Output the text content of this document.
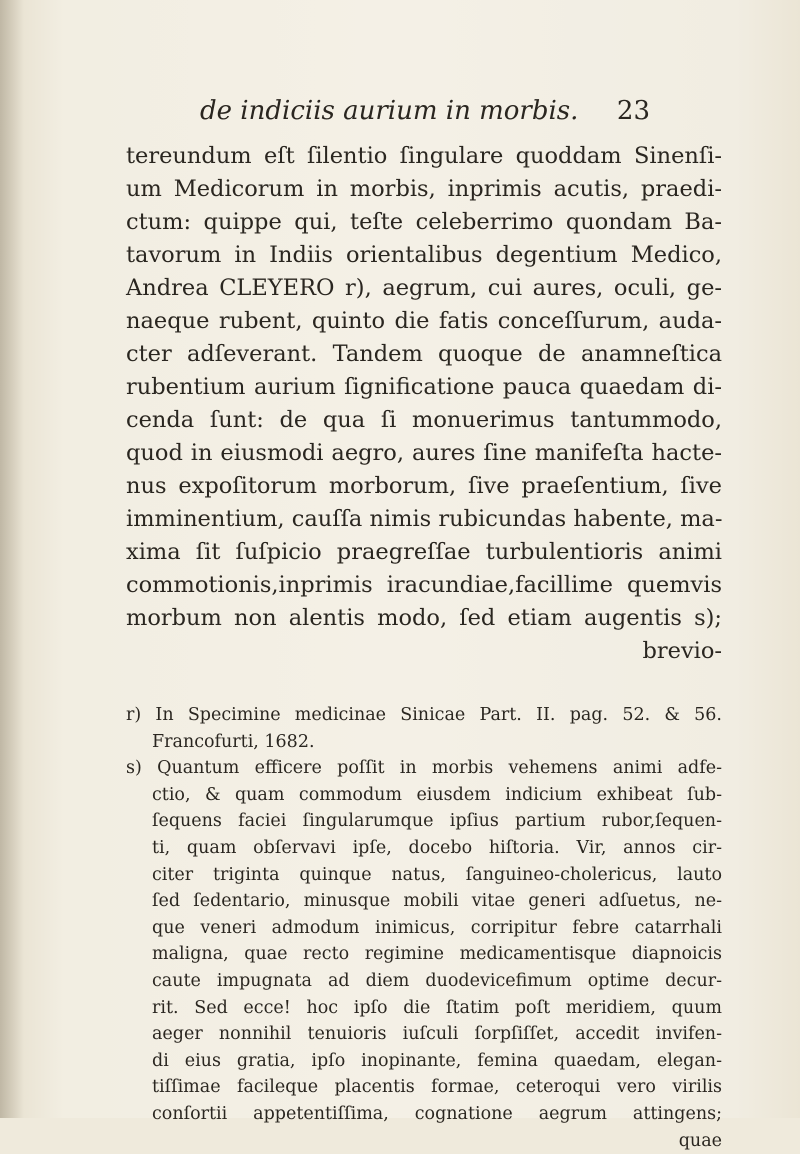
de indiciis aurium in morbis. 23
tereundum eſt ſilentio ſingulare quoddam Sinenſi-
um Medicorum in morbis, inprimis acutis, praedi-
ctum: quippe qui, teſte celeberrimo quondam Ba-
tavorum in Indiis orientalibus degentium Medico,
Andrea CLEYERO r), aegrum, cui aures, oculi, ge-
naeque rubent, quinto die fatis conceſſurum, auda-
cter adſeverant. Tandem quoque de anamneſtica
rubentium aurium ſignificatione pauca quaedam di-
cenda ſunt: de qua ſi monuerimus tantummodo,
quod in eiusmodi aegro, aures ſine manifeſta hacte-
nus expoſitorum morborum, ſive praeſentium, ſive
imminentium, cauſſa nimis rubicundas habente, ma-
xima ſit ſuſpicio praegreſſae turbulentioris animi
commotionis,inprimis iracundiae,facillime quemvis
morbum non alentis modo, ſed etiam augentis s);
brevio-
r) In Specimine medicinae Sinicae Part. II. pag. 52. & 56.
Francofurti, 1682.
s) Quantum efficere poſſit in morbis vehemens animi adfe-
ctio, & quam commodum eiusdem indicium exhibeat ſub-
ſequens faciei ſingularumque ipſius partium rubor,ſequen-
ti, quam obſervavi ipſe, docebo hiſtoria. Vir, annos cir-
citer triginta quinque natus, ſanguineo-cholericus, lauto
ſed ſedentario, minusque mobili vitae generi adſuetus, ne-
que veneri admodum inimicus, corripitur febre catarrhali
maligna, quae recto regimine medicamentisque diapnoicis
caute impugnata ad diem duodevicefimum optime decur-
rit. Sed ecce! hoc ipſo die ſtatim poſt meridiem, quum
aeger nonnihil tenuioris iuſculi ſorpſiſſet, accedit invifen-
di eius gratia, ipſo inopinante, femina quaedam, elegan-
tiſſimae facileque placentis formae, ceteroqui vero virilis
conſortii appetentiſſima, cognatione aegrum attingens;
quae
